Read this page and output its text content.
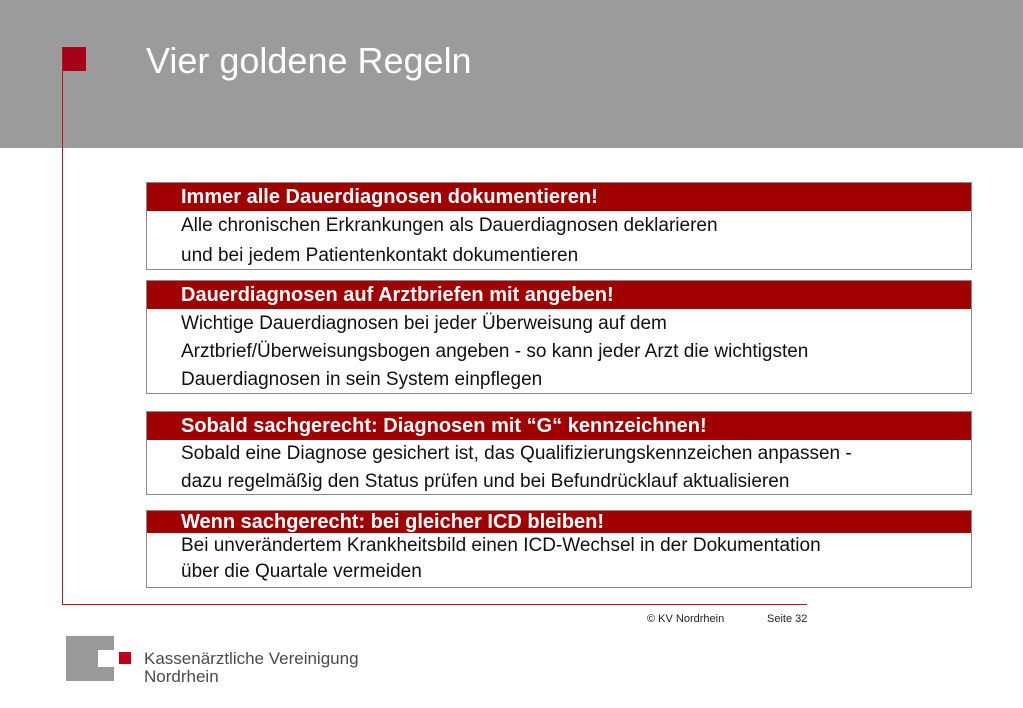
Vier goldene Regeln
Immer alle Dauerdiagnosen dokumentieren!
Alle chronischen Erkrankungen als Dauerdiagnosen deklarieren
und bei jedem Patientenkontakt dokumentieren
Dauerdiagnosen auf Arztbriefen mit angeben!
Wichtige Dauerdiagnosen bei jeder Überweisung auf dem
Arztbrief/Überweisungsbogen angeben - so kann jeder Arzt die wichtigsten
Dauerdiagnosen in sein System einpflegen
Sobald sachgerecht: Diagnosen mit “G“ kennzeichnen!
Sobald eine Diagnose gesichert ist, das Qualifizierungskennzeichen anpassen -
dazu regelmäßig den Status prüfen und bei Befundrücklauf aktualisieren
Wenn sachgerecht: bei gleicher ICD bleiben!
Bei unverändertem Krankheitsbild einen ICD-Wechsel in der Dokumentation
über die Quartale vermeiden
© KV Nordrhein	Seite 32
Kassenärztliche Vereinigung
Nordrhein
